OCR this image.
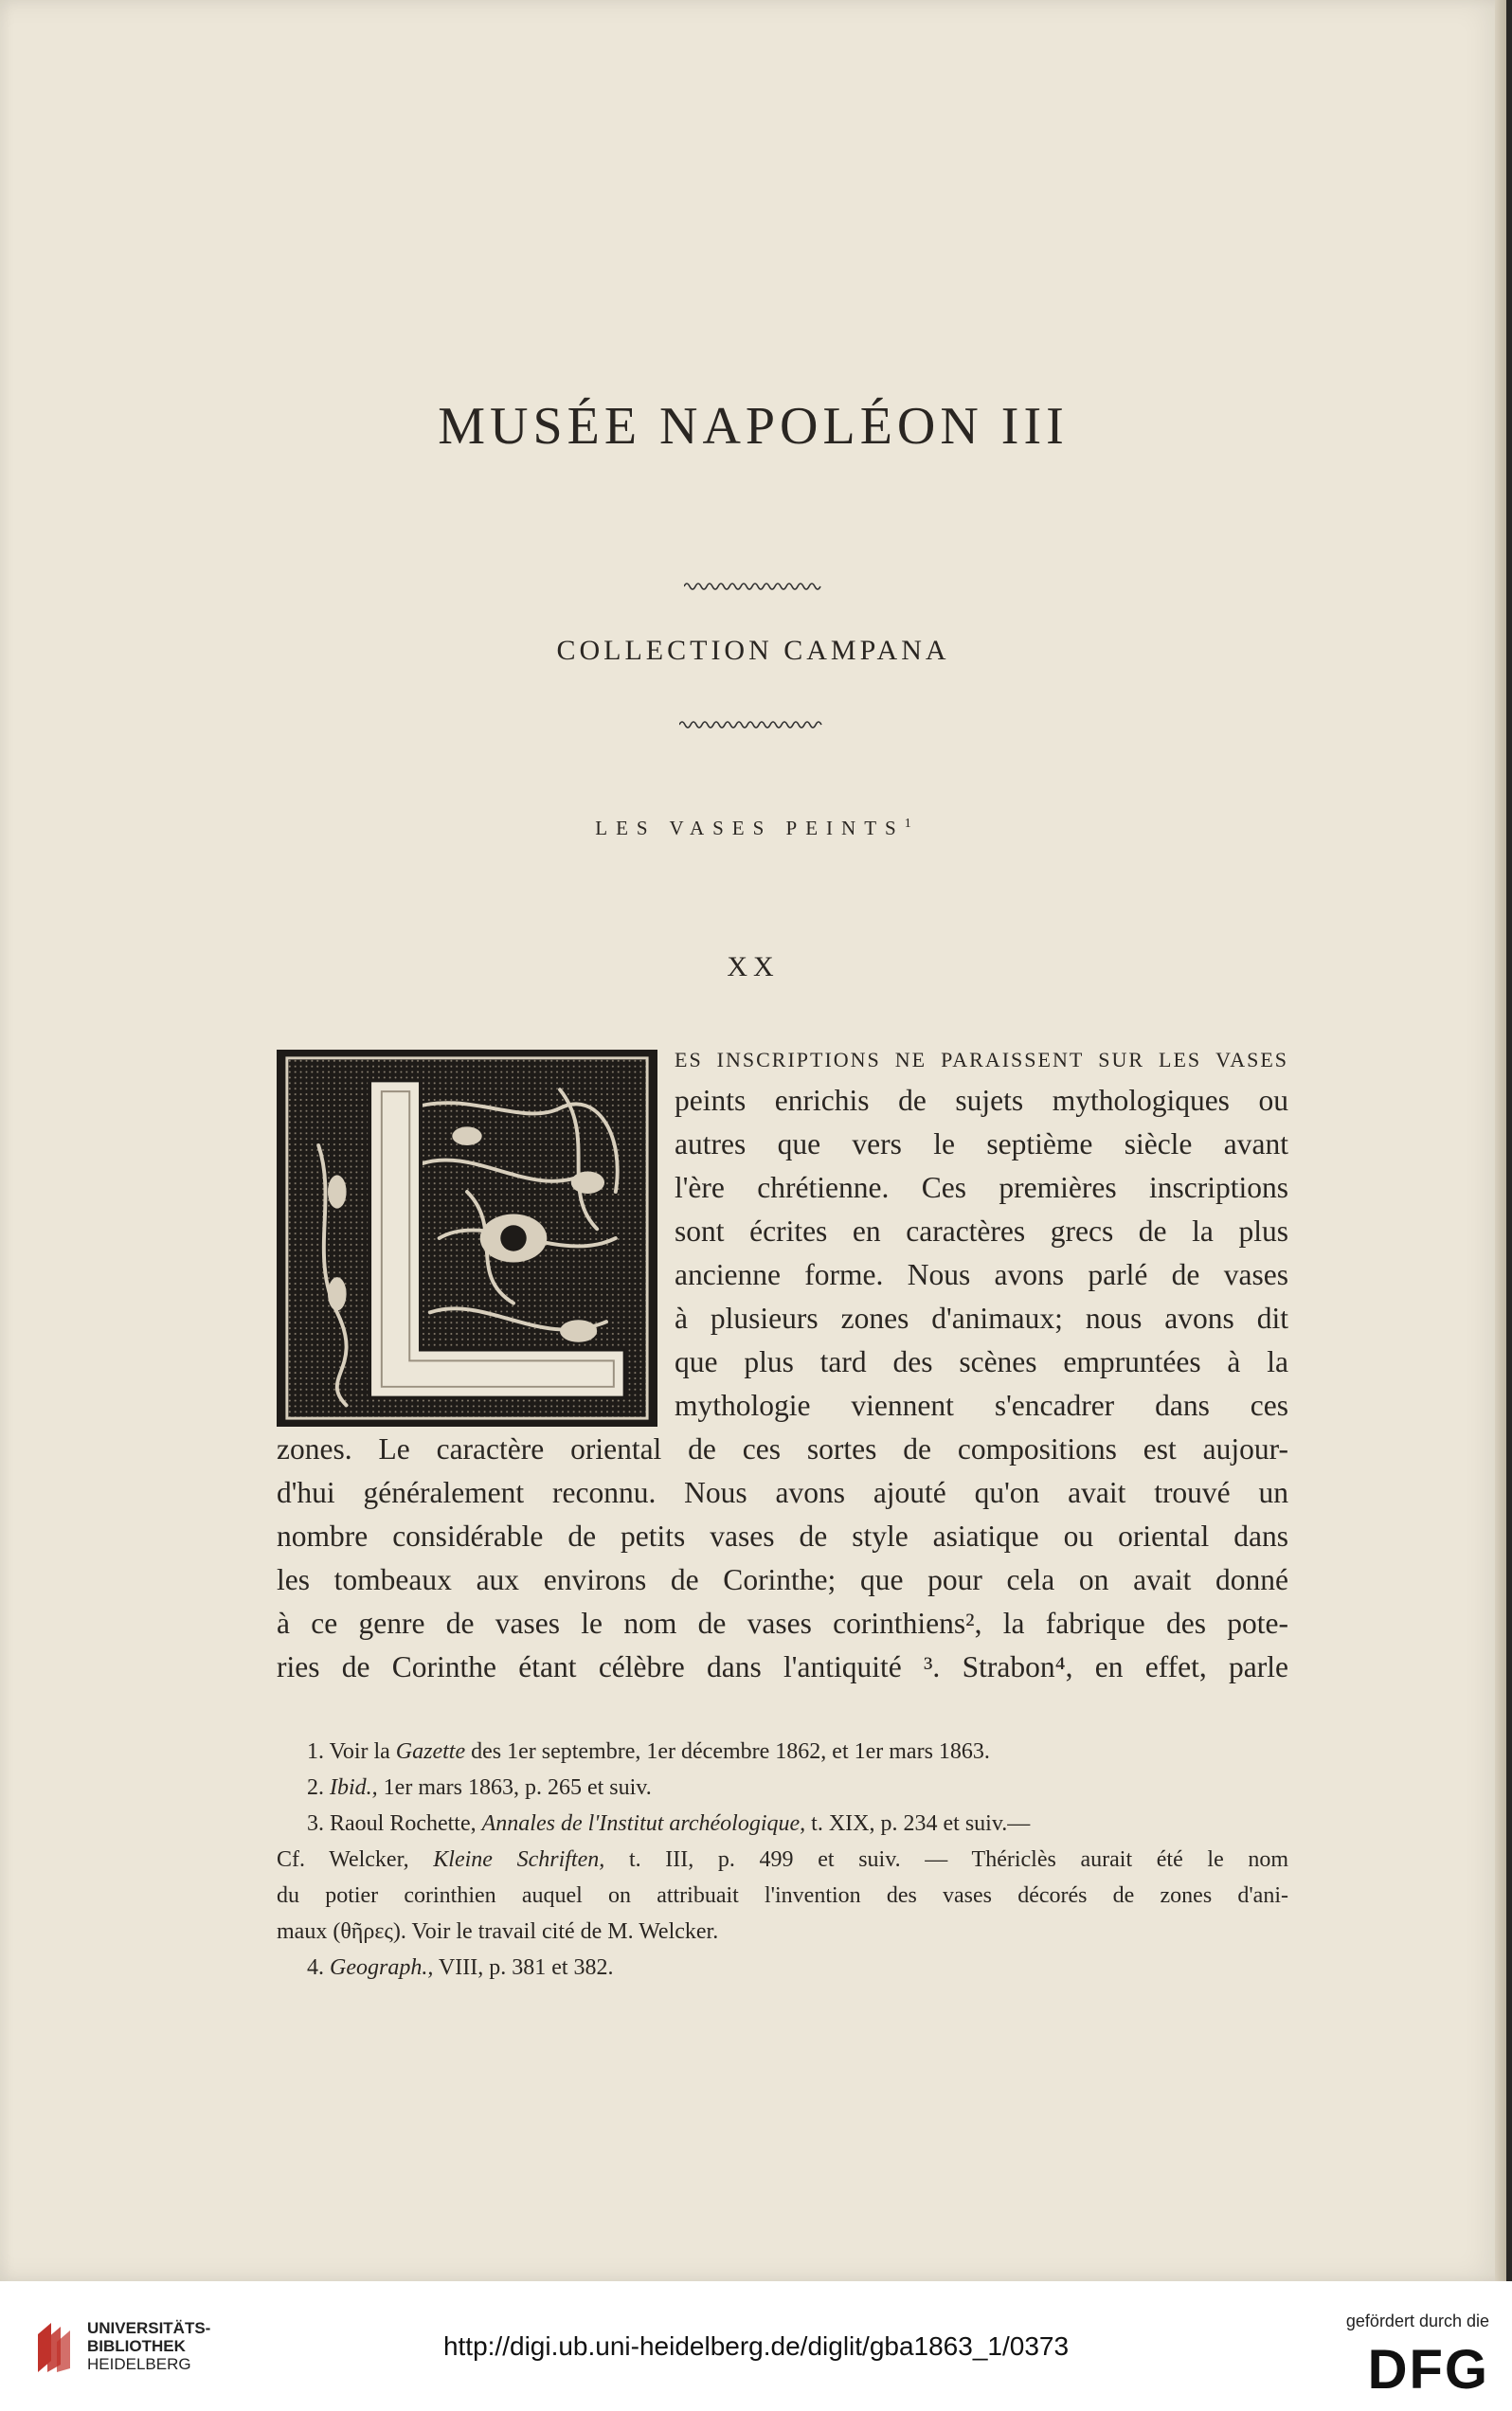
MUSÉE NAPOLÉON III
COLLECTION CAMPANA
LES VASES PEINTS$^1$
XX
es inscriptions ne paraissent sur les vases
peints enrichis de sujets mythologiques ou
autres que vers le septième siècle avant
l'ère chrétienne. Ces premières inscriptions
sont écrites en caractères grecs de la plus
ancienne forme. Nous avons parlé de vases
à plusieurs zones d'animaux; nous avons dit
que plus tard des scènes empruntées à la
mythologie viennent s'encadrer dans ces
zones. Le caractère oriental de ces sortes de compositions est aujour-
d'hui généralement reconnu. Nous avons ajouté qu'on avait trouvé un
nombre considérable de petits vases de style asiatique ou oriental dans
les tombeaux aux environs de Corinthe; que pour cela on avait donné
à ce genre de vases le nom de vases corinthiens², la fabrique des pote-
ries de Corinthe étant célèbre dans l'antiquité ³. Strabon⁴, en effet, parle
1. Voir la Gazette des 1er septembre, 1er décembre 1862, et 1er mars 1863.
2. Ibid., 1er mars 1863, p. 265 et suiv.
3. Raoul Rochette, Annales de l'Institut archéologique, t. XIX, p. 234 et suiv.—
Cf. Welcker, Kleine Schriften, t. III, p. 499 et suiv. — Thériclès aurait été le nom
du potier corinthien auquel on attribuait l'invention des vases décorés de zones d'ani-
maux (θῆρες). Voir le travail cité de M. Welcker.
4. Geograph., VIII, p. 381 et 382.
UNIVERSITÄTS-
BIBLIOTHEK
HEIDELBERG
http://digi.ub.uni-heidelberg.de/diglit/gba1863_1/0373
gefördert durch die
DFG
